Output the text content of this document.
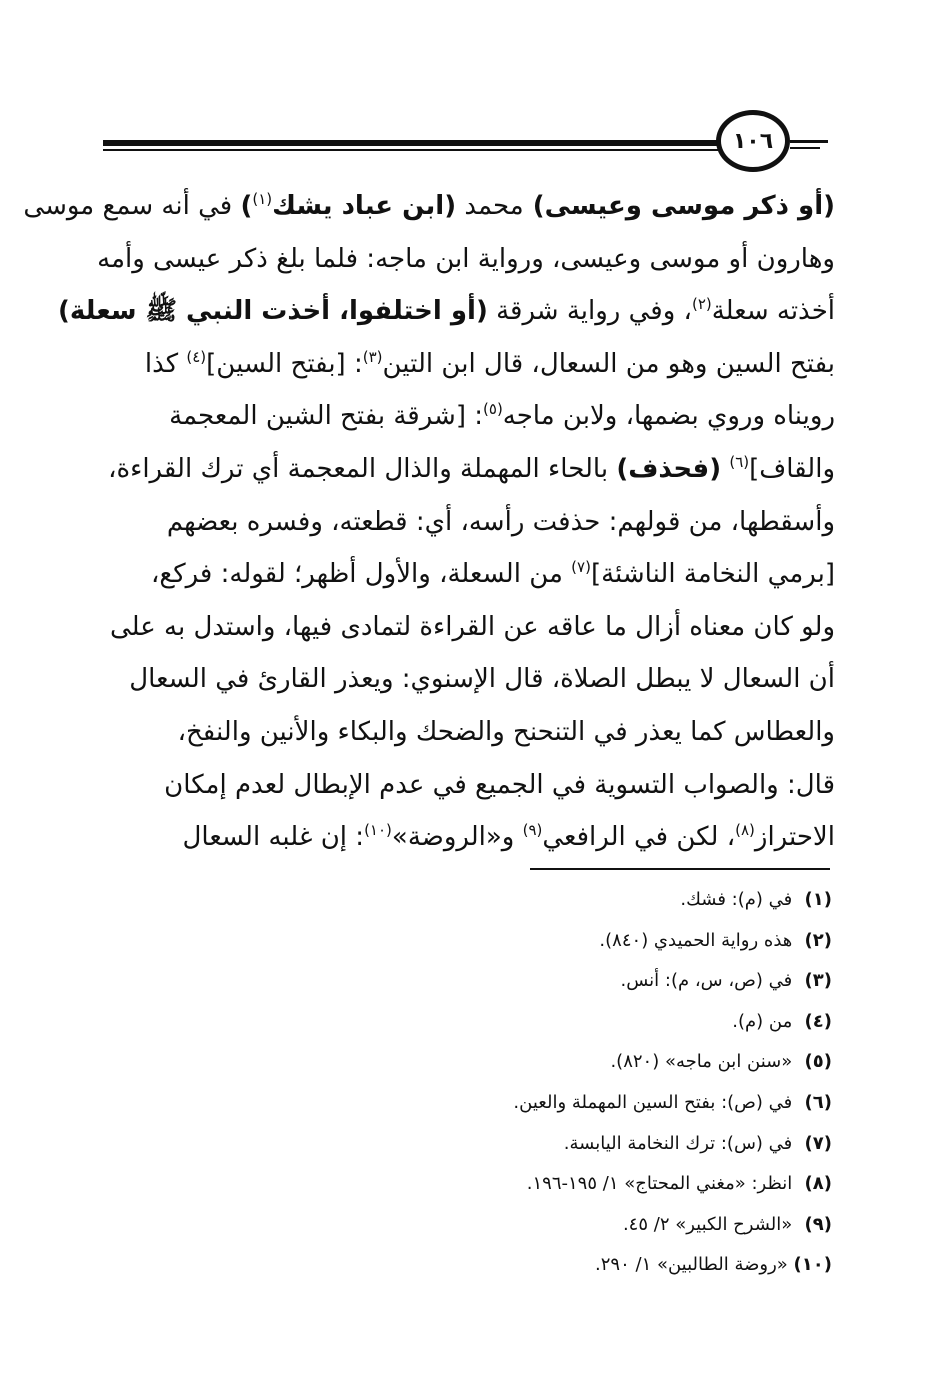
١٠٦
(أو ذكر موسى وعيسى) محمد (ابن عباد يشك$^{(١)}$) في أنه سمع موسى
وهارون أو موسى وعيسى، ورواية ابن ماجه: فلما بلغ ذكر عيسى وأمه
أخذته سعلة$^{(٢)}$، وفي رواية شرقة (أو اختلفوا، أخذت النبي ﷺ سعلة)
بفتح السين وهو من السعال، قال ابن التين$^{(٣)}$: [بفتح السين]$^{(٤)}$ كذا
رويناه وروي بضمها، ولابن ماجه$^{(٥)}$: [شرقة بفتح الشين المعجمة
والقاف]$^{(٦)}$ (فحذف) بالحاء المهملة والذال المعجمة أي ترك القراءة،
وأسقطها، من قولهم: حذفت رأسه، أي: قطعته، وفسره بعضهم
[برمي النخامة الناشئة]$^{(٧)}$ من السعلة، والأول أظهر؛ لقوله: فركع،
ولو كان معناه أزال ما عاقه عن القراءة لتمادى فيها، واستدل به على
أن السعال لا يبطل الصلاة، قال الإسنوي: ويعذر القارئ في السعال
والعطاس كما يعذر في التنحنح والضحك والبكاء والأنين والنفخ،
قال: والصواب التسوية في الجميع في عدم الإبطال لعدم إمكان
الاحتراز$^{(٨)}$، لكن في الرافعي$^{(٩)}$ و«الروضة»$^{(١٠)}$: إن غلبه السعال
(١) في (م): فشك.
(٢) هذه رواية الحميدي (٨٤٠).
(٣) في (ص، س، م): أنس.
(٤) من (م).
(٥) «سنن ابن ماجه» (٨٢٠).
(٦) في (ص): بفتح السين المهملة والعين.
(٧) في (س): ترك النخامة اليابسة.
(٨) انظر: «مغني المحتاج» ١/ ١٩٥-١٩٦.
(٩) «الشرح الكبير» ٢/ ٤٥.
(١٠) «روضة الطالبين» ١/ ٢٩٠.
